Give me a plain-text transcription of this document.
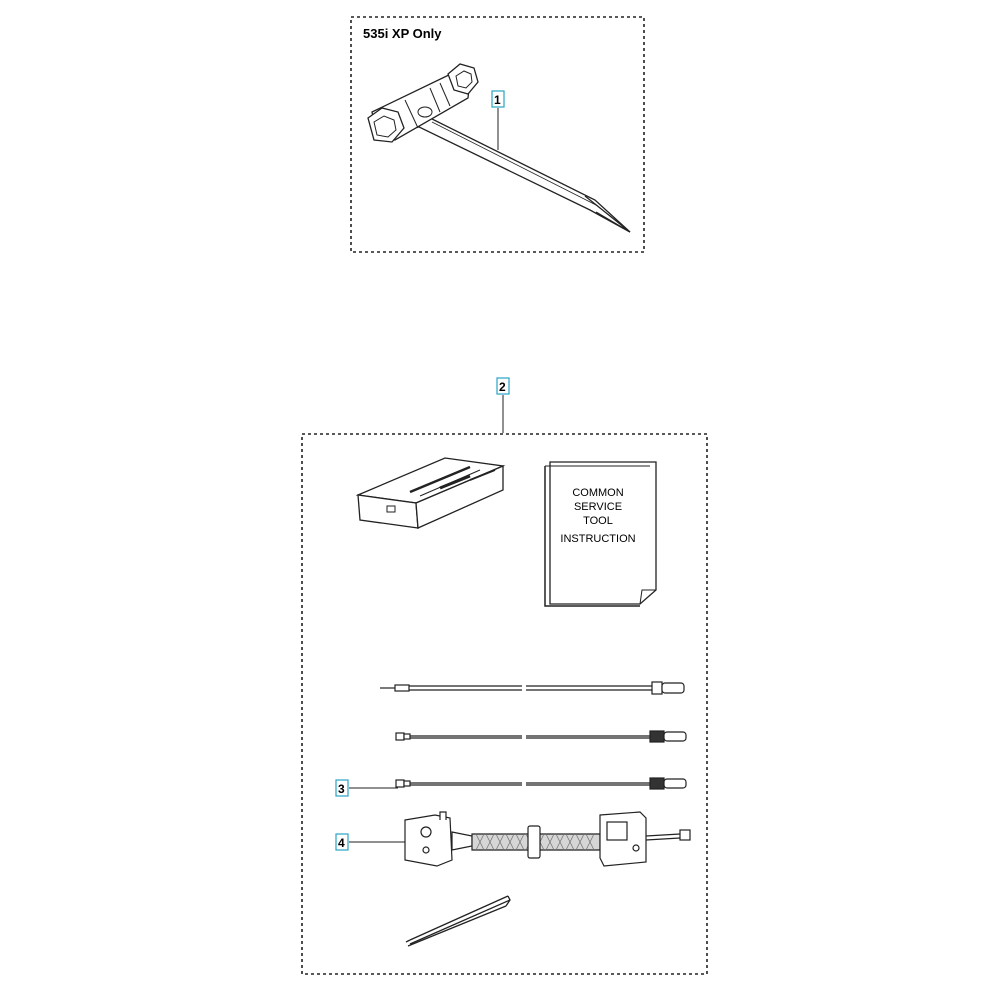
535i XP Only
1
2
COMMON
SERVICE
TOOL
INSTRUCTION
3
4
